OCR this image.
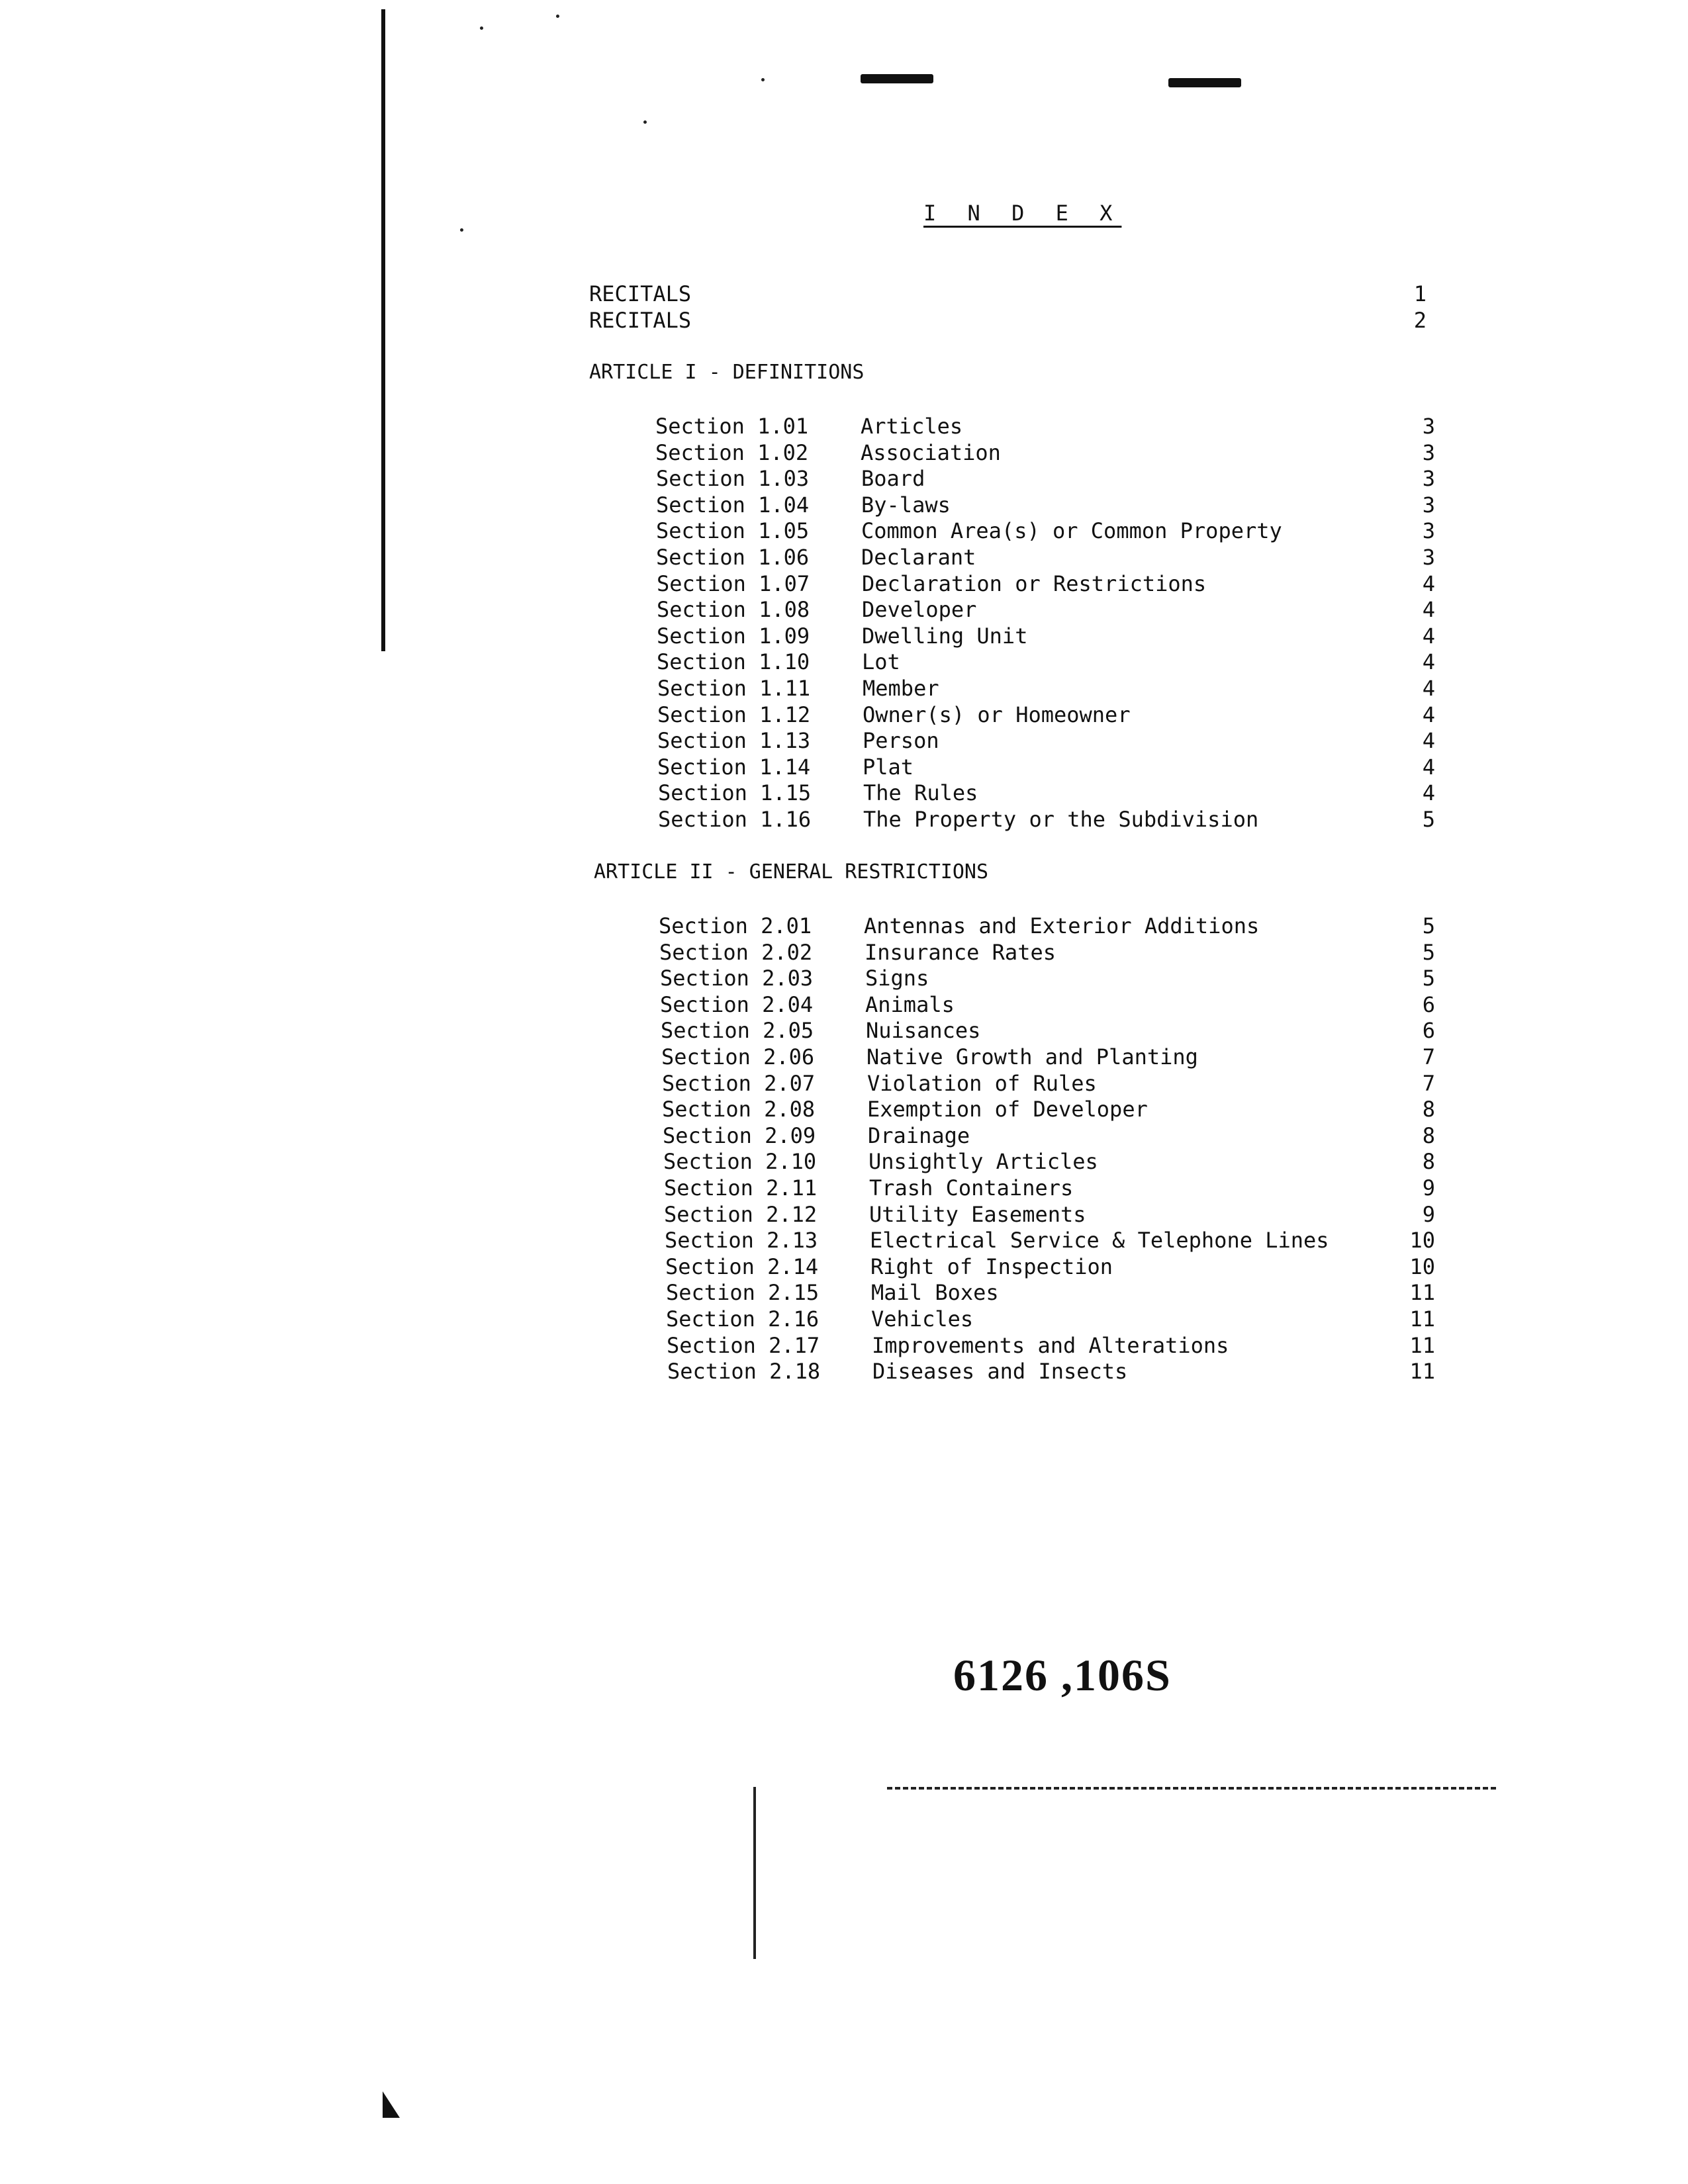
I N D E X
RECITALS	1
RECITALS	2
ARTICLE I - DEFINITIONS
Section 1.01 Articles	3
Section 1.02 Association	3
Section 1.03 Board	3
Section 1.04 By-laws	3
Section 1.05 Common Area(s) or Common Property	3
Section 1.06 Declarant	3
Section 1.07 Declaration or Restrictions	4
Section 1.08 Developer	4
Section 1.09 Dwelling Unit	4
Section 1.10 Lot	4
Section 1.11 Member	4
Section 1.12 Owner(s) or Homeowner	4
Section 1.13 Person	4
Section 1.14 Plat	4
Section 1.15 The Rules	4
Section 1.16 The Property or the Subdivision	5
ARTICLE II - GENERAL RESTRICTIONS
Section 2.01 Antennas and Exterior Additions	5
Section 2.02 Insurance Rates	5
Section 2.03 Signs	5
Section 2.04 Animals	6
Section 2.05 Nuisances	6
Section 2.06 Native Growth and Planting	7
Section 2.07 Violation of Rules	7
Section 2.08 Exemption of Developer	8
Section 2.09 Drainage	8
Section 2.10 Unsightly Articles	8
Section 2.11 Trash Containers	9
Section 2.12 Utility Easements	9
Section 2.13 Electrical Service & Telephone Lines	10
Section 2.14 Right of Inspection	10
Section 2.15 Mail Boxes	11
Section 2.16 Vehicles	11
Section 2.17 Improvements and Alterations	11
Section 2.18 Diseases and Insects	11
6126 ,106S
